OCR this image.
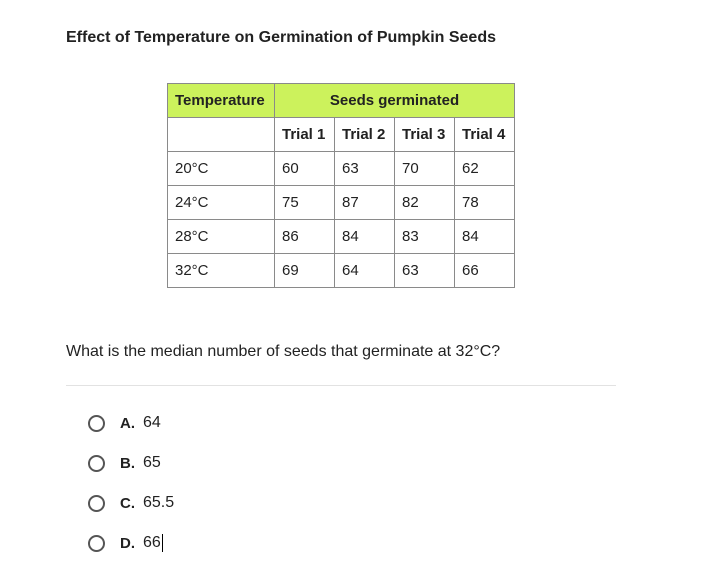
Effect of Temperature on Germination of Pumpkin Seeds
Temperature	Seeds germinated			
	Trial 1	Trial 2	Trial 3	Trial 4
20°C	60	63	70	62
24°C	75	87	82	78
28°C	86	84	83	84
32°C	69	64	63	66
What is the median number of seeds that germinate at 32°C?
A. 64
B. 65
C. 65.5
D. 66
